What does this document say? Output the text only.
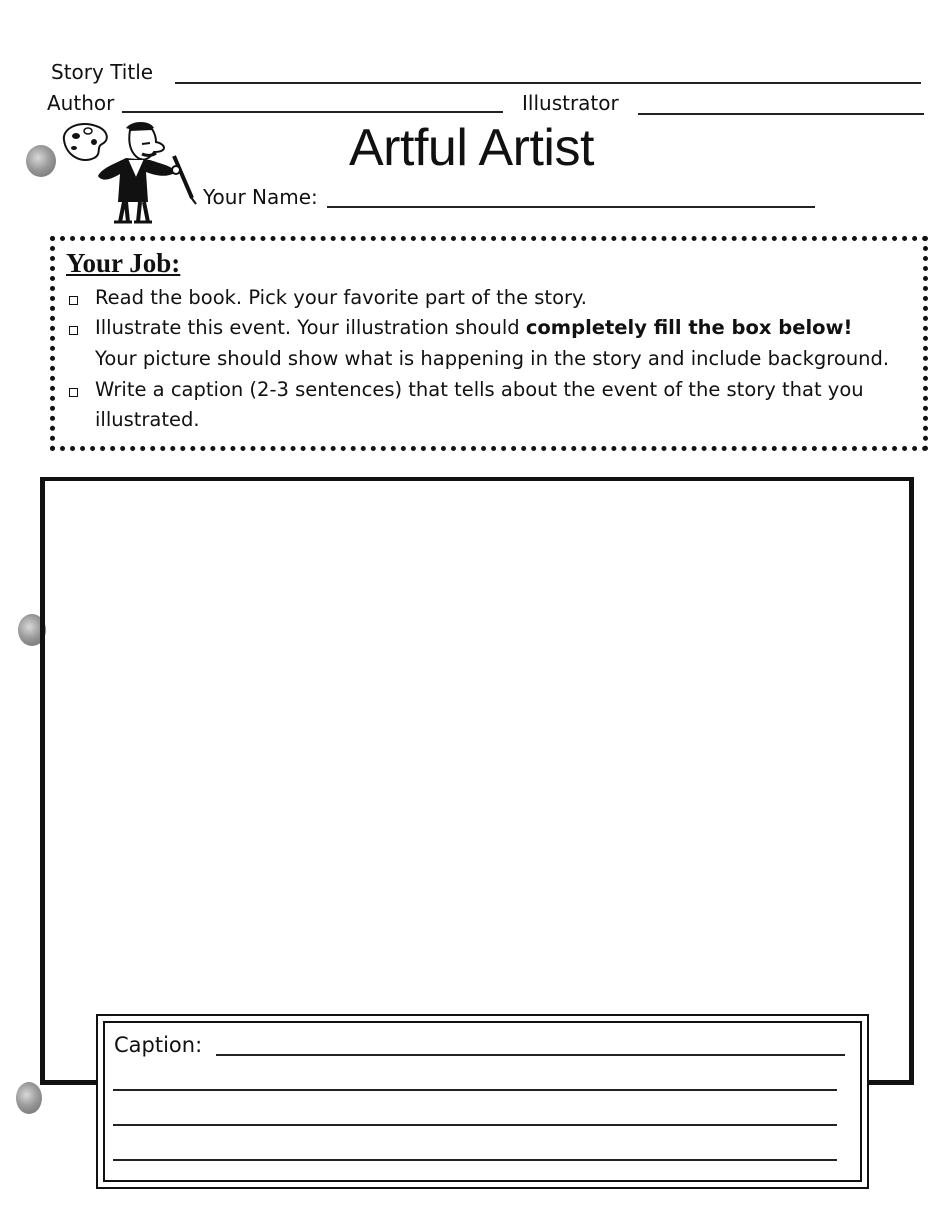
Story Title
Author	Illustrator
Artful Artist
Your Name:
Your Job:
Read the book. Pick your favorite part of the story.
Illustrate this event. Your illustration should completely fill the box below!
Your picture should show what is happening in the story and include background.
Write a caption (2-3 sentences) that tells about the event of the story that you
illustrated.
Caption:
